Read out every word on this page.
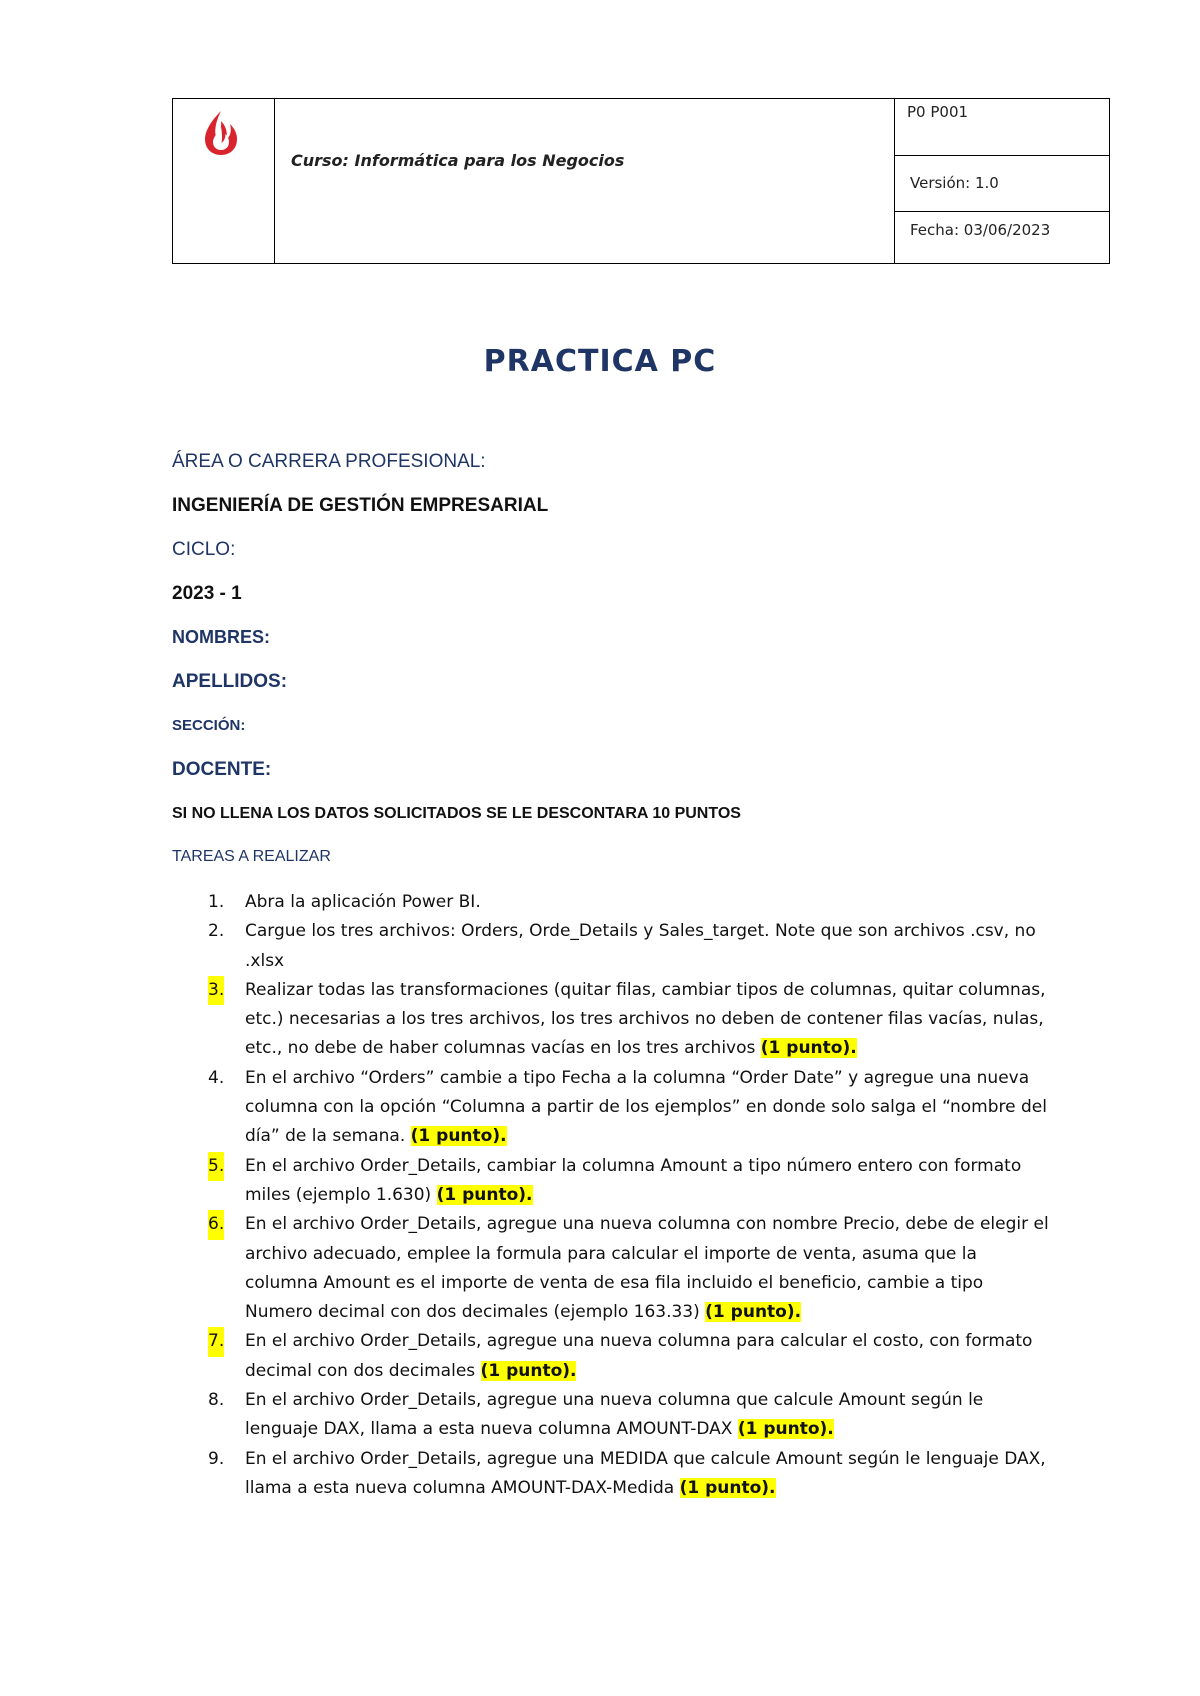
Curso: Informática para los Negocios
P0 P001
Versión: 1.0
Fecha: 03/06/2023
PRACTICA PC
ÁREA O CARRERA PROFESIONAL:
INGENIERÍA DE GESTIÓN EMPRESARIAL
CICLO:
2023 - 1
NOMBRES:
APELLIDOS:
SECCIÓN:
DOCENTE:
SI NO LLENA LOS DATOS SOLICITADOS SE LE DESCONTARA 10 PUNTOS
TAREAS A REALIZAR
1. Abra la aplicación Power BI.
2. Cargue los tres archivos: Orders, Orde_Details y Sales_target. Note que son archivos .csv, no .xlsx
3. Realizar todas las transformaciones (quitar filas, cambiar tipos de columnas, quitar columnas, etc.) necesarias a los tres archivos, los tres archivos no deben de contener filas vacías, nulas, etc., no debe de haber columnas vacías en los tres archivos (1 punto).
4. En el archivo “Orders” cambie a tipo Fecha a la columna “Order Date” y agregue una nueva columna con la opción “Columna a partir de los ejemplos” en donde solo salga el “nombre del día” de la semana. (1 punto).
5. En el archivo Order_Details, cambiar la columna Amount a tipo número entero con formato miles (ejemplo 1.630) (1 punto).
6. En el archivo Order_Details, agregue una nueva columna con nombre Precio, debe de elegir el archivo adecuado, emplee la formula para calcular el importe de venta, asuma que la columna Amount es el importe de venta de esa fila incluido el beneficio, cambie a tipo Numero decimal con dos decimales (ejemplo 163.33) (1 punto).
7. En el archivo Order_Details, agregue una nueva columna para calcular el costo, con formato decimal con dos decimales (1 punto).
8. En el archivo Order_Details, agregue una nueva columna que calcule Amount según le lenguaje DAX, llama a esta nueva columna AMOUNT-DAX (1 punto).
9. En el archivo Order_Details, agregue una MEDIDA que calcule Amount según le lenguaje DAX, llama a esta nueva columna AMOUNT-DAX-Medida (1 punto).
